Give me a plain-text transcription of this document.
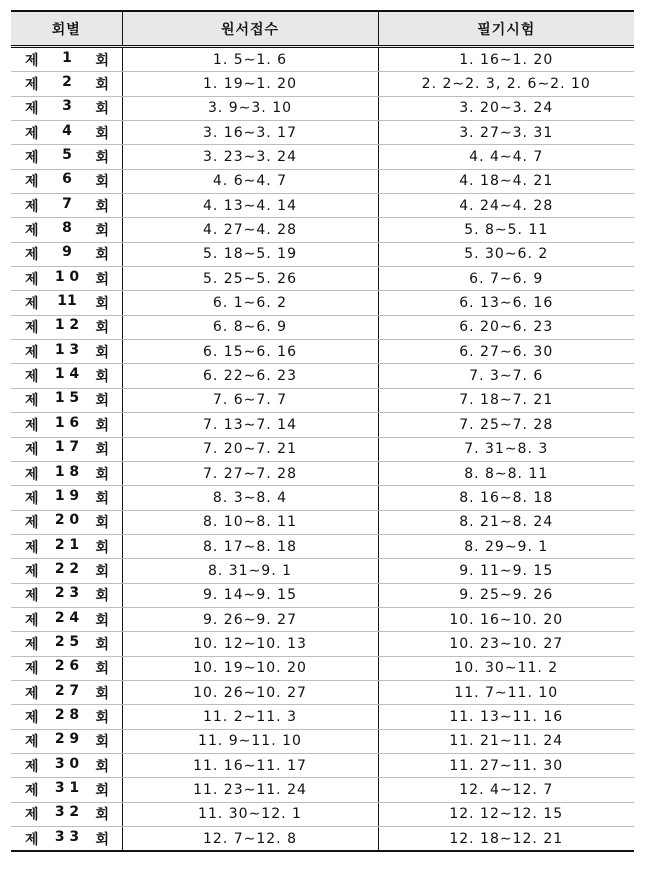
회별	원서접수	필기시험

제 1 회	1. 5∼1. 6	1. 16∼1. 20

제 2 회	1. 19∼1. 20	2. 2∼2. 3, 2. 6∼2. 10

제 3 회	3. 9∼3. 10	3. 20∼3. 24

제 4 회	3. 16∼3. 17	3. 27∼3. 31

제 5 회	3. 23∼3. 24	4. 4∼4. 7

제 6 회	4. 6∼4. 7	4. 18∼4. 21

제 7 회	4. 13∼4. 14	4. 24∼4. 28

제 8 회	4. 27∼4. 28	5. 8∼5. 11

제 9 회	5. 18∼5. 19	5. 30∼6. 2

제 1 0 회	5. 25∼5. 26	6. 7∼6. 9

제 11 회	6. 1∼6. 2	6. 13∼6. 16

제 1 2 회	6. 8∼6. 9	6. 20∼6. 23

제 1 3 회	6. 15∼6. 16	6. 27∼6. 30

제 1 4 회	6. 22∼6. 23	7. 3∼7. 6

제 1 5 회	7. 6∼7. 7	7. 18∼7. 21

제 1 6 회	7. 13∼7. 14	7. 25∼7. 28

제 1 7 회	7. 20∼7. 21	7. 31∼8. 3

제 1 8 회	7. 27∼7. 28	8. 8∼8. 11

제 1 9 회	8. 3∼8. 4	8. 16∼8. 18

제 2 0 회	8. 10∼8. 11	8. 21∼8. 24

제 2 1 회	8. 17∼8. 18	8. 29∼9. 1

제 2 2 회	8. 31∼9. 1	9. 11∼9. 15

제 2 3 회	9. 14∼9. 15	9. 25∼9. 26

제 2 4 회	9. 26∼9. 27	10. 16∼10. 20

제 2 5 회	10. 12∼10. 13	10. 23∼10. 27

제 2 6 회	10. 19∼10. 20	10. 30∼11. 2

제 2 7 회	10. 26∼10. 27	11. 7∼11. 10

제 2 8 회	11. 2∼11. 3	11. 13∼11. 16

제 2 9 회	11. 9∼11. 10	11. 21∼11. 24

제 3 0 회	11. 16∼11. 17	11. 27∼11. 30

제 3 1 회	11. 23∼11. 24	12. 4∼12. 7

제 3 2 회	11. 30∼12. 1	12. 12∼12. 15

제 3 3 회	12. 7∼12. 8	12. 18∼12. 21
